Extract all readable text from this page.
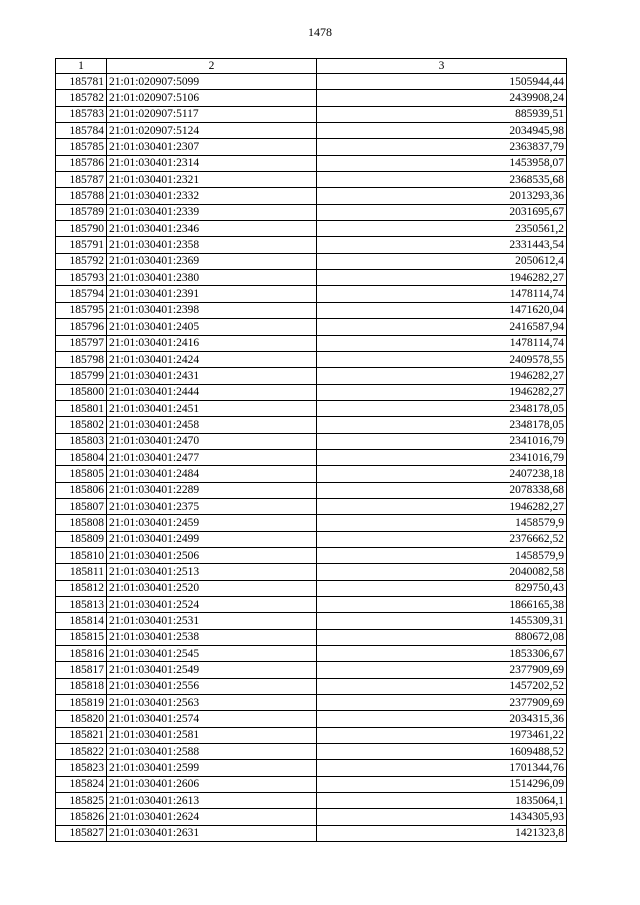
1478
1	2	3
185781	21:01:020907:5099	1505944,44
185782	21:01:020907:5106	2439908,24
185783	21:01:020907:5117	885939,51
185784	21:01:020907:5124	2034945,98
185785	21:01:030401:2307	2363837,79
185786	21:01:030401:2314	1453958,07
185787	21:01:030401:2321	2368535,68
185788	21:01:030401:2332	2013293,36
185789	21:01:030401:2339	2031695,67
185790	21:01:030401:2346	2350561,2
185791	21:01:030401:2358	2331443,54
185792	21:01:030401:2369	2050612,4
185793	21:01:030401:2380	1946282,27
185794	21:01:030401:2391	1478114,74
185795	21:01:030401:2398	1471620,04
185796	21:01:030401:2405	2416587,94
185797	21:01:030401:2416	1478114,74
185798	21:01:030401:2424	2409578,55
185799	21:01:030401:2431	1946282,27
185800	21:01:030401:2444	1946282,27
185801	21:01:030401:2451	2348178,05
185802	21:01:030401:2458	2348178,05
185803	21:01:030401:2470	2341016,79
185804	21:01:030401:2477	2341016,79
185805	21:01:030401:2484	2407238,18
185806	21:01:030401:2289	2078338,68
185807	21:01:030401:2375	1946282,27
185808	21:01:030401:2459	1458579,9
185809	21:01:030401:2499	2376662,52
185810	21:01:030401:2506	1458579,9
185811	21:01:030401:2513	2040082,58
185812	21:01:030401:2520	829750,43
185813	21:01:030401:2524	1866165,38
185814	21:01:030401:2531	1455309,31
185815	21:01:030401:2538	880672,08
185816	21:01:030401:2545	1853306,67
185817	21:01:030401:2549	2377909,69
185818	21:01:030401:2556	1457202,52
185819	21:01:030401:2563	2377909,69
185820	21:01:030401:2574	2034315,36
185821	21:01:030401:2581	1973461,22
185822	21:01:030401:2588	1609488,52
185823	21:01:030401:2599	1701344,76
185824	21:01:030401:2606	1514296,09
185825	21:01:030401:2613	1835064,1
185826	21:01:030401:2624	1434305,93
185827	21:01:030401:2631	1421323,8
